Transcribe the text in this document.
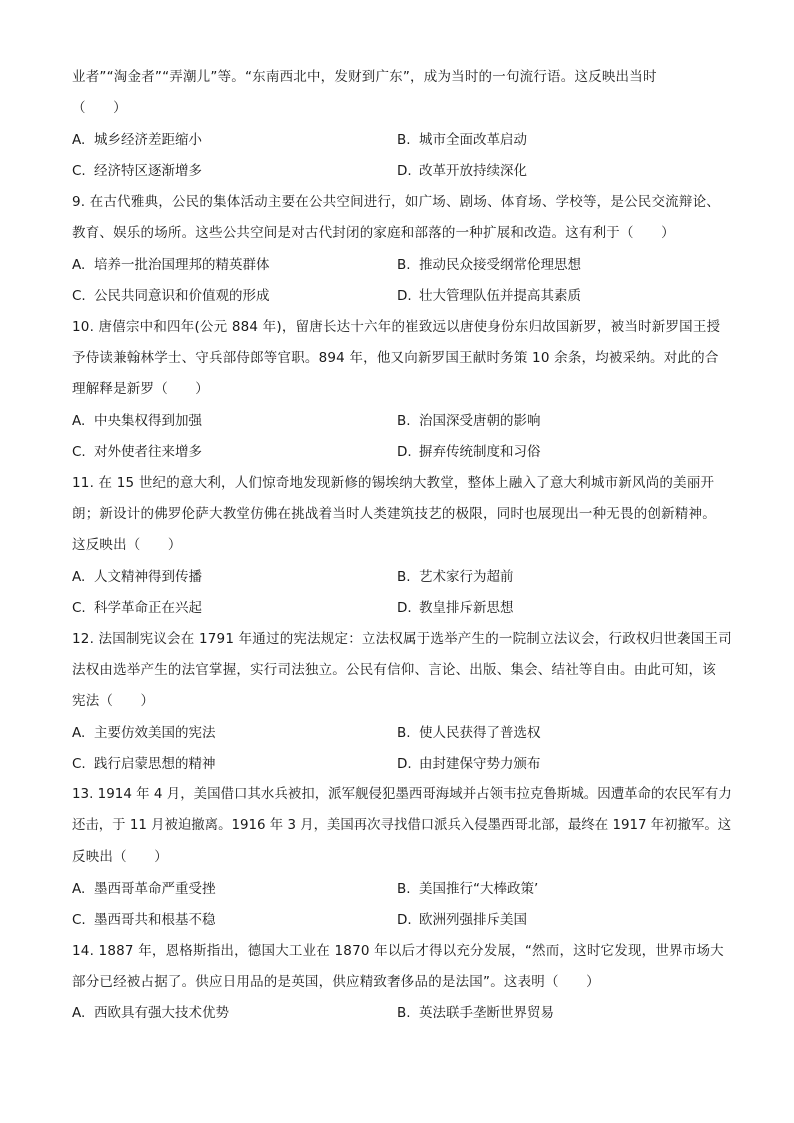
业者”“淘金者”“弄潮儿”等。“东南西北中，发财到广东”，成为当时的一句流行语。这反映出当时
（　　）
A. 城乡经济差距缩小	B. 城市全面改革启动
C. 经济特区逐渐增多	D. 改革开放持续深化
9. 在古代雅典，公民的集体活动主要在公共空间进行，如广场、剧场、体育场、学校等，是公民交流辩论、
教育、娱乐的场所。这些公共空间是对古代封闭的家庭和部落的一种扩展和改造。这有利于（　　）
A. 培养一批治国理邦的精英群体	B. 推动民众接受纲常伦理思想
C. 公民共同意识和价值观的形成	D. 壮大管理队伍并提高其素质
10. 唐僖宗中和四年(公元 884 年)，留唐长达十六年的崔致远以唐使身份东归故国新罗，被当时新罗国王授
予侍读兼翰林学士、守兵部侍郎等官职。894 年，他又向新罗国王献时务策 10 余条，均被采纳。对此的合
理解释是新罗（　　）
A. 中央集权得到加强	B. 治国深受唐朝的影响
C. 对外使者往来增多	D. 摒弃传统制度和习俗
11. 在 15 世纪的意大利，人们惊奇地发现新修的锡埃纳大教堂，整体上融入了意大利城市新风尚的美丽开
朗；新设计的佛罗伦萨大教堂仿佛在挑战着当时人类建筑技艺的极限，同时也展现出一种无畏的创新精神。
这反映出（　　）
A. 人文精神得到传播	B. 艺术家行为超前
C. 科学革命正在兴起	D. 教皇排斥新思想
12. 法国制宪议会在 1791 年通过的宪法规定：立法权属于选举产生的一院制立法议会，行政权归世袭国王司
法权由选举产生的法官掌握，实行司法独立。公民有信仰、言论、出版、集会、结社等自由。由此可知，该
宪法（　　）
A. 主要仿效美国的宪法	B. 使人民获得了普选权
C. 践行启蒙思想的精神	D. 由封建保守势力颁布
13. 1914 年 4 月，美国借口其水兵被扣，派军舰侵犯墨西哥海域并占领韦拉克鲁斯城。因遭革命的农民军有力
还击，于 11 月被迫撤离。1916 年 3 月，美国再次寻找借口派兵入侵墨西哥北部，最终在 1917 年初撤军。这
反映出（　　）
A. 墨西哥革命严重受挫	B. 美国推行“大棒政策’
C. 墨西哥共和根基不稳	D. 欧洲列强排斥美国
14. 1887 年，恩格斯指出，德国大工业在 1870 年以后才得以充分发展，“然而，这时它发现，世界市场大
部分已经被占据了。供应日用品的是英国，供应精致奢侈品的是法国”。这表明（　　）
A. 西欧具有强大技术优势	B. 英法联手垄断世界贸易
